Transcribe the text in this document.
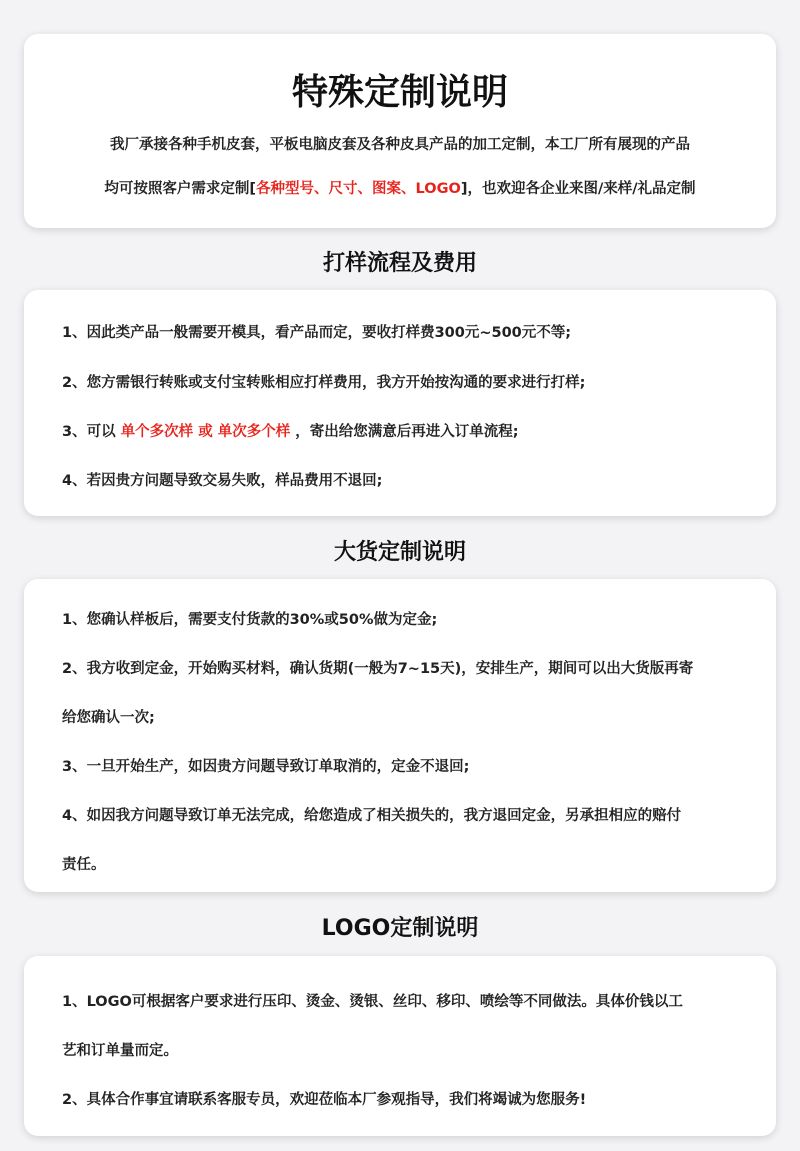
特殊定制说明

我厂承接各种手机皮套，平板电脑皮套及各种皮具产品的加工定制，本工厂所有展现的产品

均可按照客户需求定制[各种型号、尺寸、图案、LOGO]，也欢迎各企业来图/来样/礼品定制

打样流程及费用

1、因此类产品一般需要开模具，看产品而定，要收打样费300元~500元不等;

2、您方需银行转账或支付宝转账相应打样费用，我方开始按沟通的要求进行打样;

3、可以 单个多次样 或 单次多个样 ，寄出给您满意后再进入订单流程;

4、若因贵方问题导致交易失败，样品费用不退回;

大货定制说明

1、您确认样板后，需要支付货款的30%或50%做为定金;

2、我方收到定金，开始购买材料，确认货期(一般为7~15天)，安排生产，期间可以出大货版再寄

给您确认一次;

3、一旦开始生产，如因贵方问题导致订单取消的，定金不退回;

4、如因我方问题导致订单无法完成，给您造成了相关损失的，我方退回定金，另承担相应的赔付

责任。

LOGO定制说明

1、LOGO可根据客户要求进行压印、烫金、烫银、丝印、移印、喷绘等不同做法。具体价钱以工

艺和订单量而定。

2、具体合作事宜请联系客服专员，欢迎莅临本厂参观指导，我们将竭诚为您服务!
